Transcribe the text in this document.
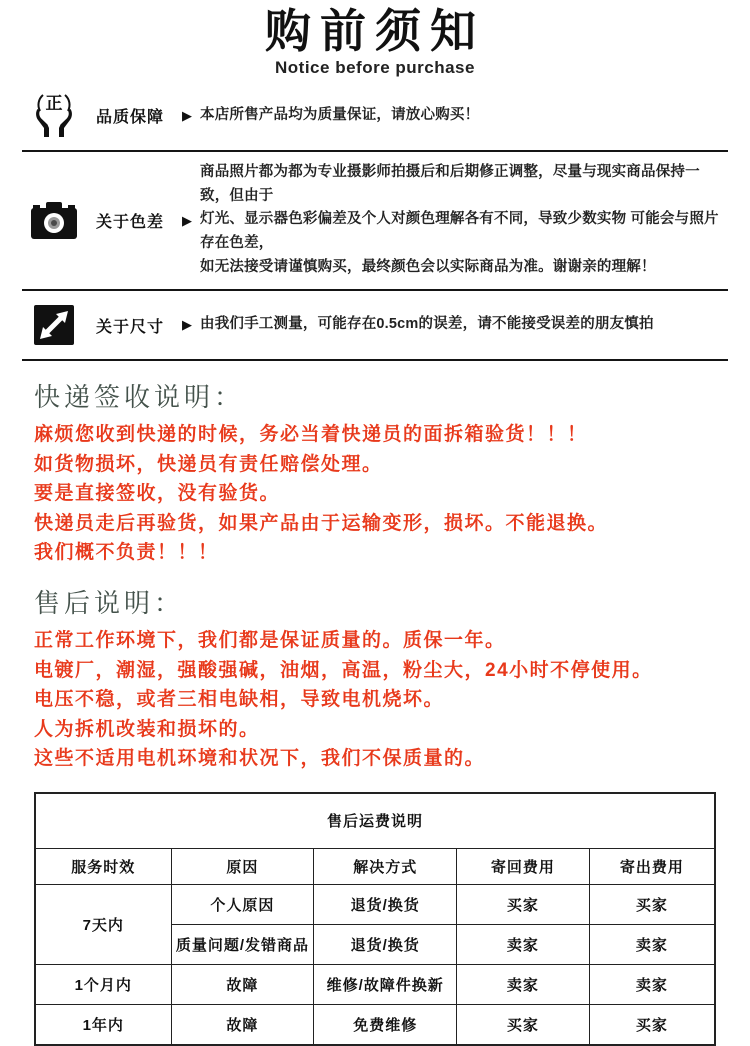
购前须知
Notice before purchase
正
品质保障	▶ 本店所售产品均为质量保证，请放心购买！
关于色差	▶
商品照片都为都为专业摄影师拍摄后和后期修正调整，尽量与现实商品保持一致，但由于
灯光、显示器色彩偏差及个人对颜色理解各有不同，导致少数实物 可能会与照片存在色差，
如无法接受请谨慎购买，最终颜色会以实际商品为准。谢谢亲的理解！
关于尺寸	▶ 由我们手工测量，可能存在0.5cm的误差，请不能接受误差的朋友慎拍
快递签收说明：
麻烦您收到快递的时候，务必当着快递员的面拆箱验货！！！
如货物损坏，快递员有责任赔偿处理。
要是直接签收，没有验货。
快递员走后再验货，如果产品由于运输变形，损坏。不能退换。
我们概不负责！！！
售后说明：
正常工作环境下，我们都是保证质量的。质保一年。
电镀厂，潮湿，强酸强碱，油烟，高温，粉尘大，24小时不停使用。
电压不稳，或者三相电缺相，导致电机烧坏。
人为拆机改装和损坏的。
这些不适用电机环境和状况下，我们不保质量的。
售后运费说明				
服务时效	原因	解决方式	寄回费用	寄出费用
7天内	个人原因	退货/换货	买家	买家
	质量问题/发错商品	退货/换货	卖家	卖家
1个月内	故障	维修/故障件换新	卖家	卖家
1年内	故障	免费维修	买家	买家
